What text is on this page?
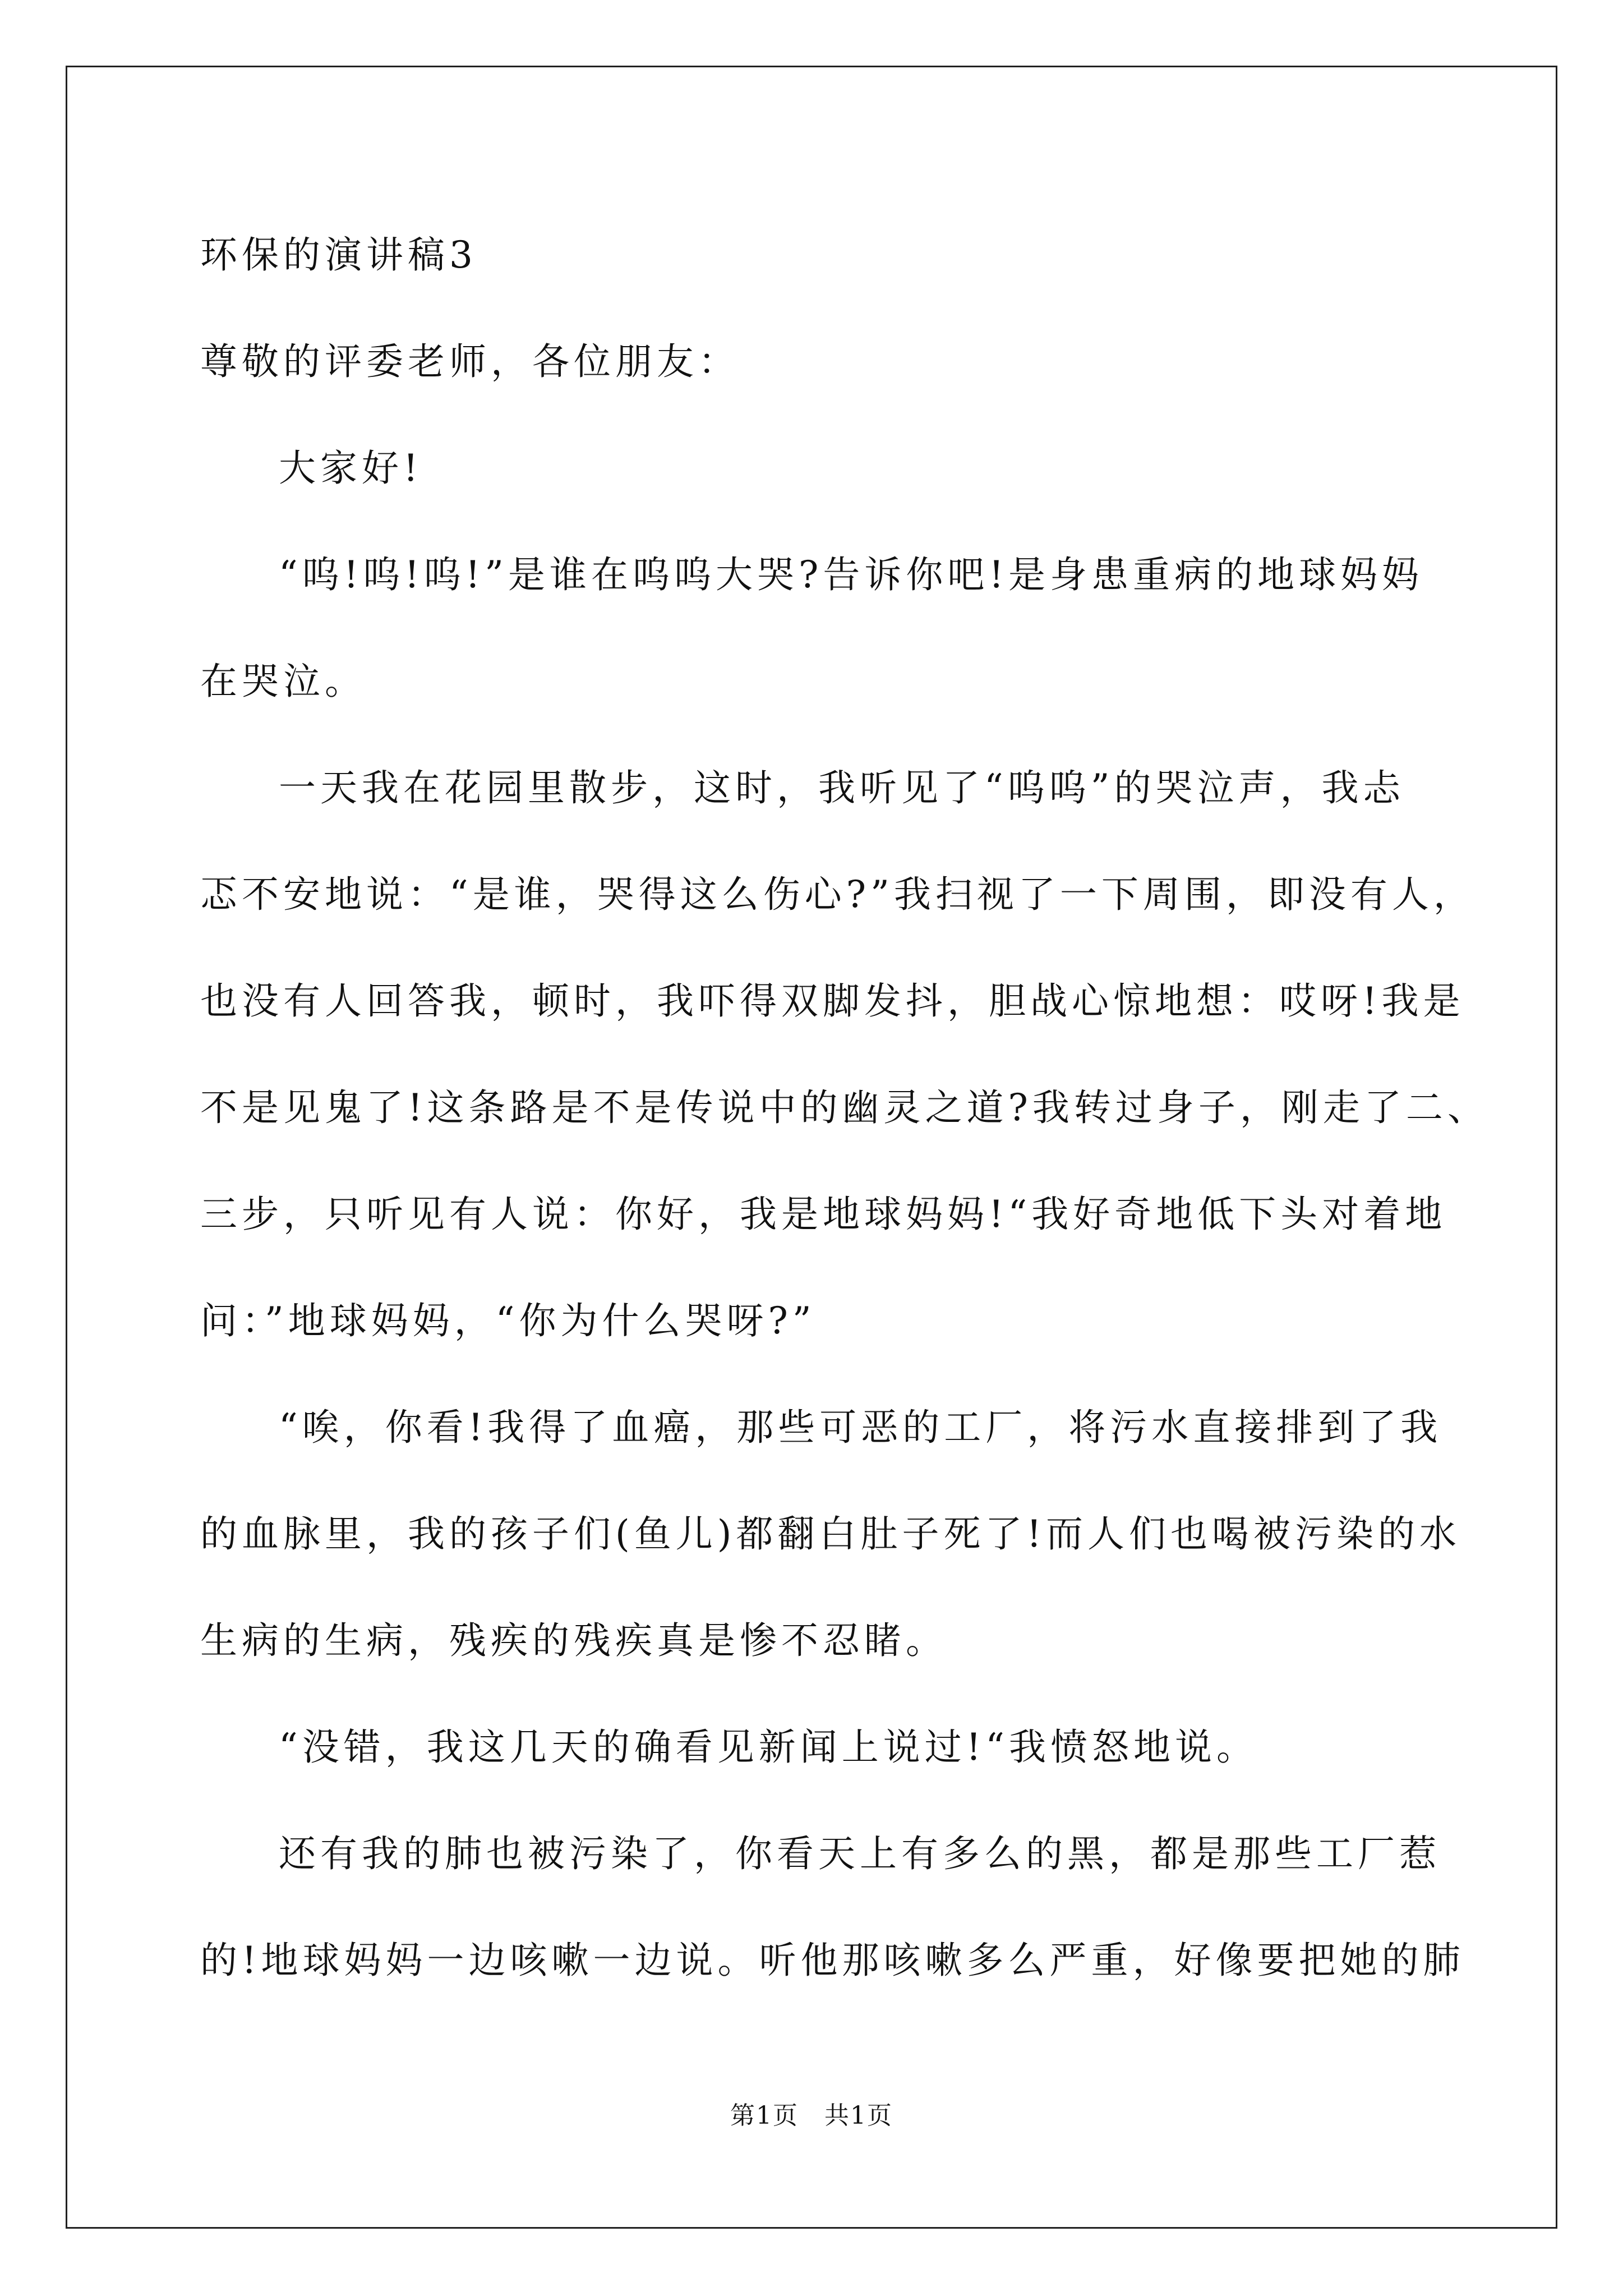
环保的演讲稿3
尊敬的评委老师，各位朋友：
大家好!
“呜!呜!呜!”是谁在呜呜大哭?告诉你吧!是身患重病的地球妈妈
在哭泣。
一天我在花园里散步，这时，我听见了“呜呜”的哭泣声，我忐
忑不安地说：“是谁，哭得这么伤心?”我扫视了一下周围，即没有人，
也没有人回答我，顿时，我吓得双脚发抖，胆战心惊地想：哎呀!我是
不是见鬼了!这条路是不是传说中的幽灵之道?我转过身子，刚走了二、
三步，只听见有人说：你好，我是地球妈妈!“我好奇地低下头对着地
问：”地球妈妈，“你为什么哭呀?”
“唉，你看!我得了血癌，那些可恶的工厂，将污水直接排到了我
的血脉里，我的孩子们(鱼儿)都翻白肚子死了!而人们也喝被污染的水
生病的生病，残疾的残疾真是惨不忍睹。
“没错，我这几天的确看见新闻上说过!“我愤怒地说。
还有我的肺也被污染了，你看天上有多么的黑，都是那些工厂惹
的!地球妈妈一边咳嗽一边说。听他那咳嗽多么严重，好像要把她的肺
第1页　共1页
